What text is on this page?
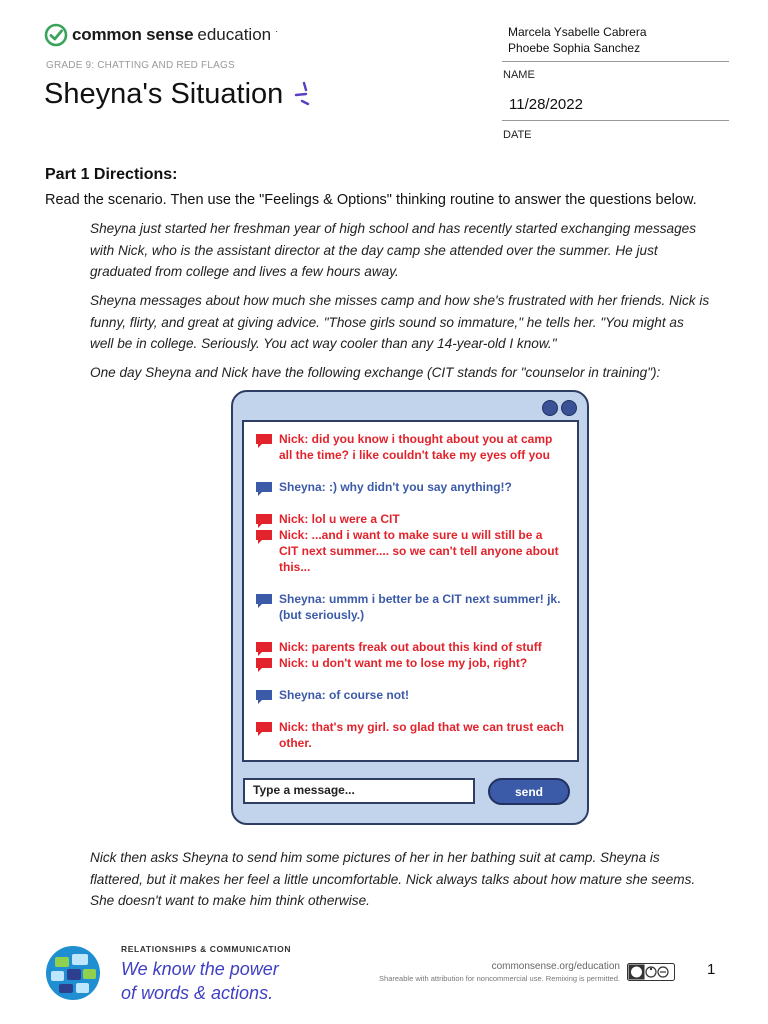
common sense education ·
GRADE 9: CHATTING AND RED FLAGS
Sheyna's Situation
Marcela Ysabelle Cabrera
Phoebe Sophia Sanchez
NAME
11/28/2022
DATE
Part 1 Directions:
Read the scenario. Then use the "Feelings & Options" thinking routine to answer the questions below.
Sheyna just started her freshman year of high school and has recently started exchanging messages with Nick, who is the assistant director at the day camp she attended over the summer. He just graduated from college and lives a few hours away.
Sheyna messages about how much she misses camp and how she's frustrated with her friends. Nick is funny, flirty, and great at giving advice. "Those girls sound so immature," he tells her. "You might as well be in college. Seriously. You act way cooler than any 14-year-old I know."
One day Sheyna and Nick have the following exchange (CIT stands for "counselor in training"):
Nick: did you know i thought about you at camp all the time? i like couldn't take my eyes off you
Sheyna: :) why didn't you say anything!?
Nick: lol u were a CIT
Nick: ...and i want to make sure u will still be a CIT next summer.... so we can't tell anyone about this...
Sheyna: ummm i better be a CIT next summer! jk. (but seriously.)
Nick: parents freak out about this kind of stuff
Nick: u don't want me to lose my job, right?
Sheyna: of course not!
Nick: that's my girl. so glad that we can trust each other.
Type a message...	send
Nick then asks Sheyna to send him some pictures of her in her bathing suit at camp. Sheyna is flattered, but it makes her feel a little uncomfortable. Nick always talks about how mature she seems. She doesn't want to make him think otherwise.
RELATIONSHIPS & COMMUNICATION
We know the power
of words & actions.
commonsense.org/education
Shareable with attribution for noncommercial use. Remixing is permitted.
1
